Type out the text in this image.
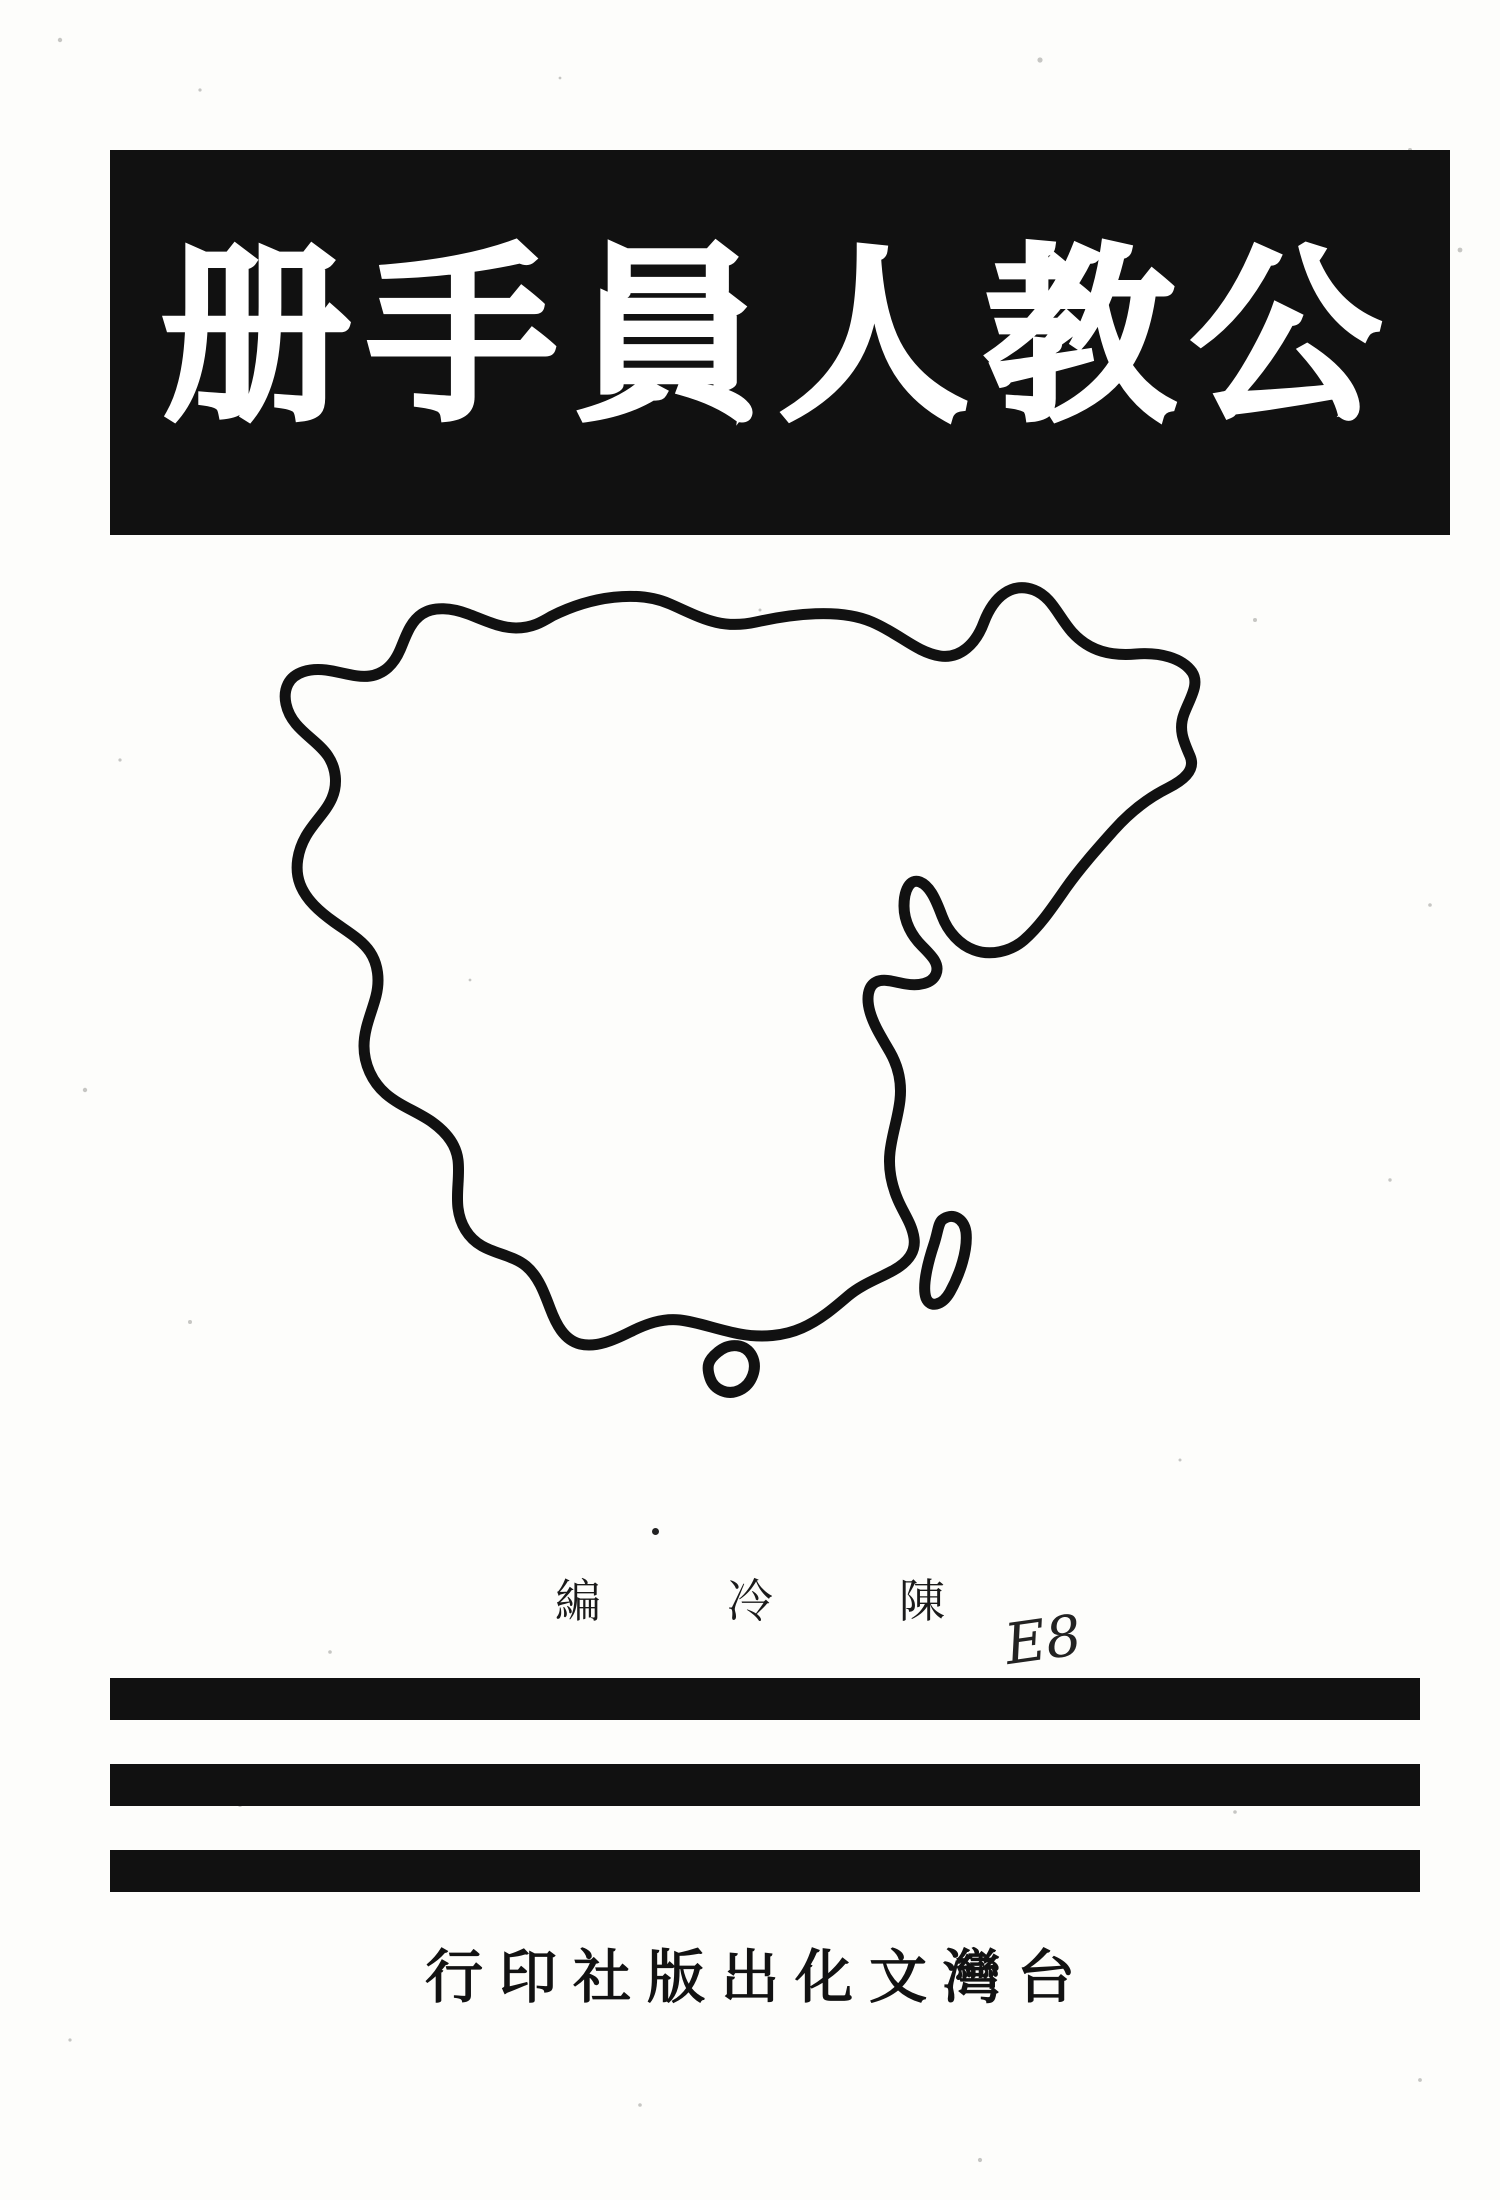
册手員人教公
編　冷　陳
E8
行印社版出化文灣台
